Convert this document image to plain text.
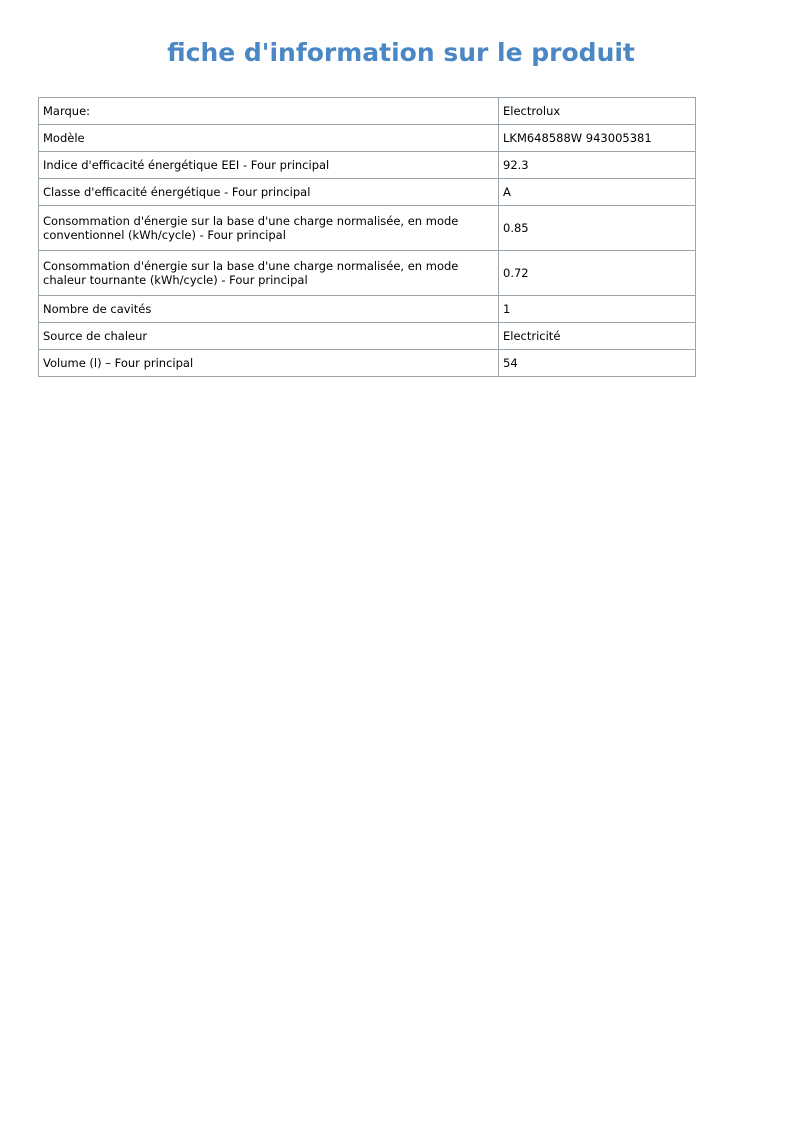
fiche d'information sur le produit
Marque:	Electrolux
Modèle	LKM648588W 943005381
Indice d'efficacité énergétique EEI - Four principal	92.3
Classe d'efficacité énergétique - Four principal	A
Consommation d'énergie sur la base d'une charge normalisée, en mode conventionnel (kWh/cycle) - Four principal	0.85
Consommation d'énergie sur la base d'une charge normalisée, en mode chaleur tournante (kWh/cycle) - Four principal	0.72
Nombre de cavités	1
Source de chaleur	Electricité
Volume (l) – Four principal	54
